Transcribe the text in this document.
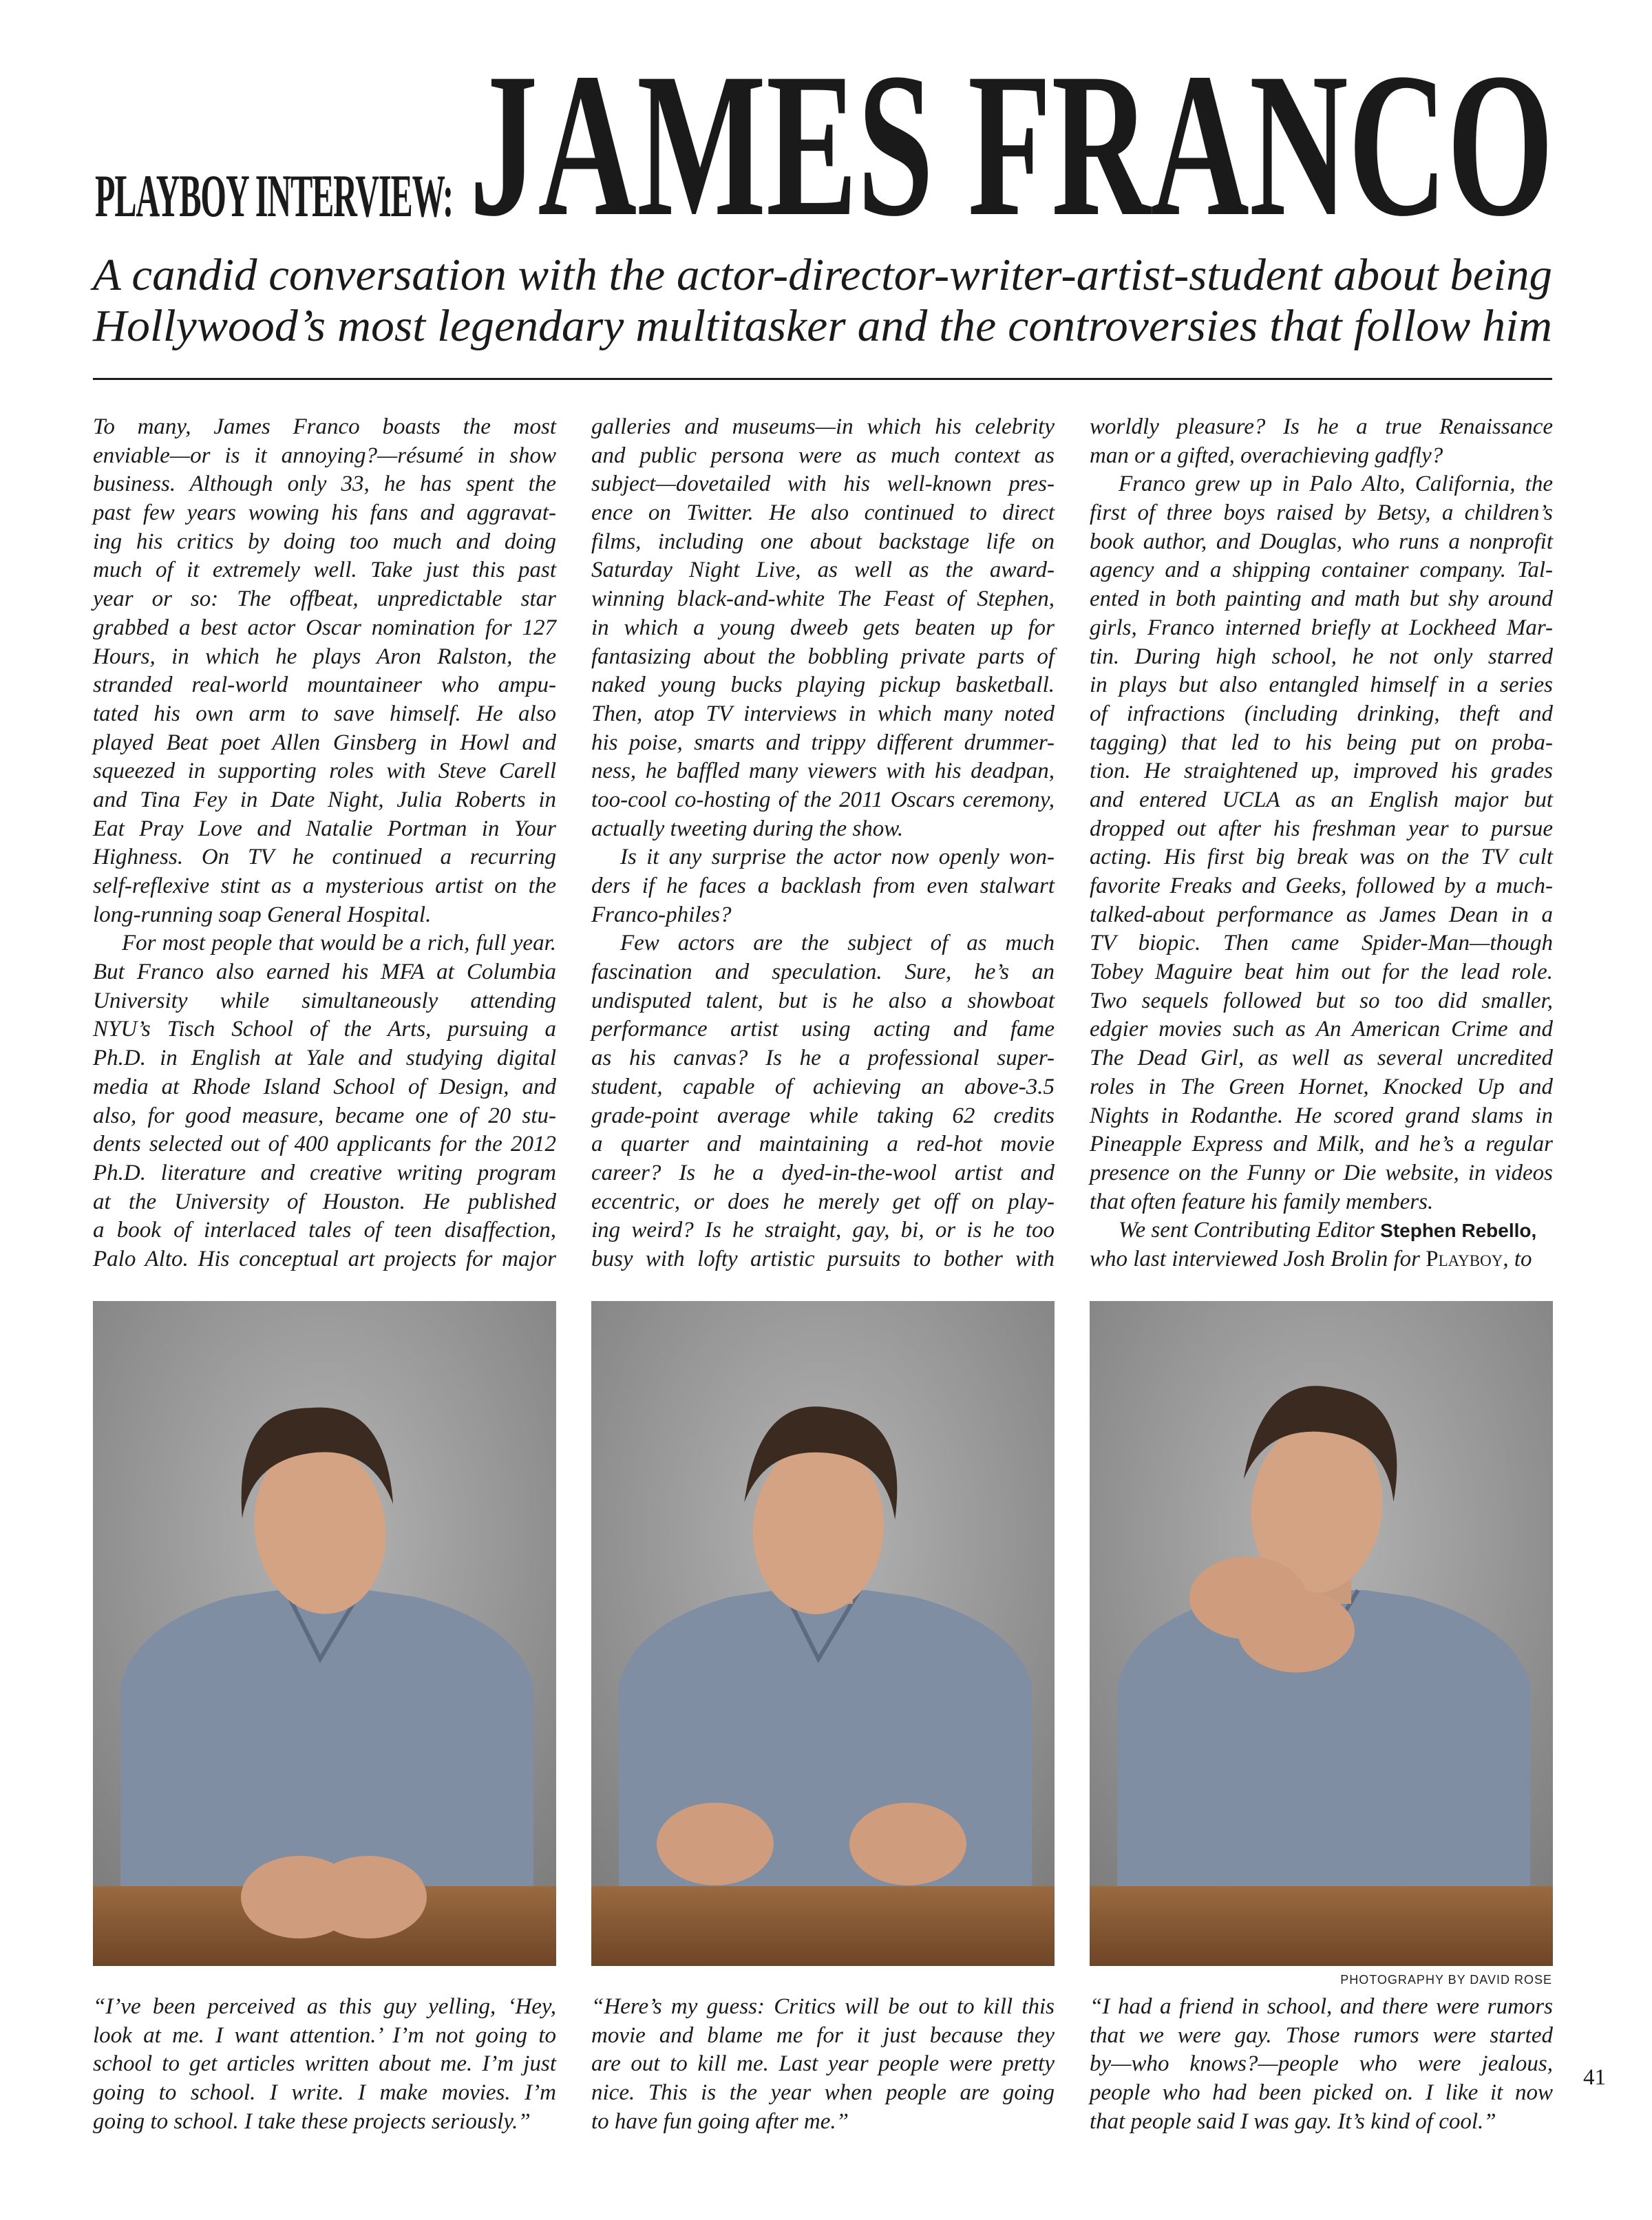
PLAYBOY INTERVIEW: JAMES FRANCO
A candid conversation with the actor-director-writer-artist-student about being
Hollywood’s most legendary multitasker and the controversies that follow him
To many, James Franco boasts the most
enviable—or is it annoying?—résumé in show
business. Although only 33, he has spent the
past few years wowing his fans and aggravat-
ing his critics by doing too much and doing
much of it extremely well. Take just this past
year or so: The offbeat, unpredictable star
grabbed a best actor Oscar nomination for 127
Hours, in which he plays Aron Ralston, the
stranded real-world mountaineer who ampu-
tated his own arm to save himself. He also
played Beat poet Allen Ginsberg in Howl and
squeezed in supporting roles with Steve Carell
and Tina Fey in Date Night, Julia Roberts in
Eat Pray Love and Natalie Portman in Your
Highness. On TV he continued a recurring
self-reflexive stint as a mysterious artist on the
long-running soap General Hospital.
For most people that would be a rich, full year.
But Franco also earned his MFA at Columbia
University while simultaneously attending
NYU’s Tisch School of the Arts, pursuing a
Ph.D. in English at Yale and studying digital
media at Rhode Island School of Design, and
also, for good measure, became one of 20 stu-
dents selected out of 400 applicants for the 2012
Ph.D. literature and creative writing program
at the University of Houston. He published
a book of interlaced tales of teen disaffection,
Palo Alto. His conceptual art projects for major
galleries and museums—in which his celebrity
and public persona were as much context as
subject—dovetailed with his well-known pres-
ence on Twitter. He also continued to direct
films, including one about backstage life on
Saturday Night Live, as well as the award-
winning black-and-white The Feast of Stephen,
in which a young dweeb gets beaten up for
fantasizing about the bobbling private parts of
naked young bucks playing pickup basketball.
Then, atop TV interviews in which many noted
his poise, smarts and trippy different drummer-
ness, he baffled many viewers with his deadpan,
too-cool co-hosting of the 2011 Oscars ceremony,
actually tweeting during the show.
Is it any surprise the actor now openly won-
ders if he faces a backlash from even stalwart
Franco-philes?
Few actors are the subject of as much
fascination and speculation. Sure, he’s an
undisputed talent, but is he also a showboat
performance artist using acting and fame
as his canvas? Is he a professional super-
student, capable of achieving an above-3.5
grade-point average while taking 62 credits
a quarter and maintaining a red-hot movie
career? Is he a dyed-in-the-wool artist and
eccentric, or does he merely get off on play-
ing weird? Is he straight, gay, bi, or is he too
busy with lofty artistic pursuits to bother with
worldly pleasure? Is he a true Renaissance
man or a gifted, overachieving gadfly?
Franco grew up in Palo Alto, California, the
first of three boys raised by Betsy, a children’s
book author, and Douglas, who runs a nonprofit
agency and a shipping container company. Tal-
ented in both painting and math but shy around
girls, Franco interned briefly at Lockheed Mar-
tin. During high school, he not only starred
in plays but also entangled himself in a series
of infractions (including drinking, theft and
tagging) that led to his being put on proba-
tion. He straightened up, improved his grades
and entered UCLA as an English major but
dropped out after his freshman year to pursue
acting. His first big break was on the TV cult
favorite Freaks and Geeks, followed by a much-
talked-about performance as James Dean in a
TV biopic. Then came Spider-Man—though
Tobey Maguire beat him out for the lead role.
Two sequels followed but so too did smaller,
edgier movies such as An American Crime and
The Dead Girl, as well as several uncredited
roles in The Green Hornet, Knocked Up and
Nights in Rodanthe. He scored grand slams in
Pineapple Express and Milk, and he’s a regular
presence on the Funny or Die website, in videos
that often feature his family members.
We sent Contributing Editor Stephen Rebello,
who last interviewed Josh Brolin for Playboy, to
PHOTOGRAPHY BY DAVID ROSE
“I’ve been perceived as this guy yelling, ‘Hey,
look at me. I want attention.’ I’m not going to
school to get articles written about me. I’m just
going to school. I write. I make movies. I’m
going to school. I take these projects seriously.”
“Here’s my guess: Critics will be out to kill this
movie and blame me for it just because they
are out to kill me. Last year people were pretty
nice. This is the year when people are going
to have fun going after me.”
“I had a friend in school, and there were rumors
that we were gay. Those rumors were started
by—who knows?—people who were jealous,
people who had been picked on. I like it now
that people said I was gay. It’s kind of cool.”
41
